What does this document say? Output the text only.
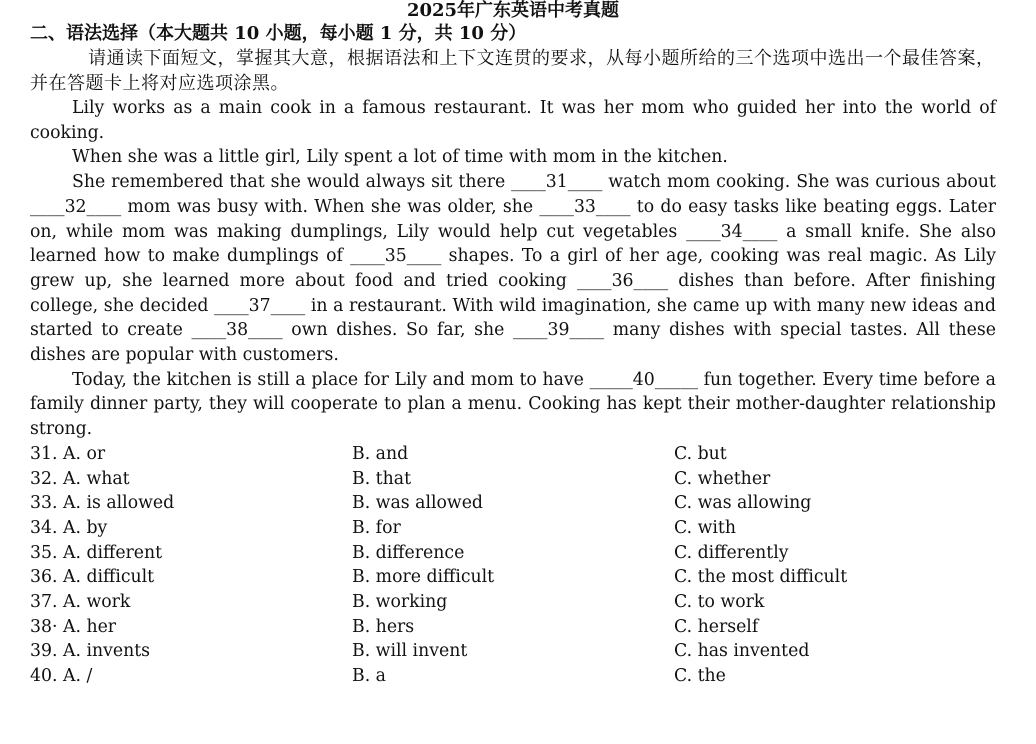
2025年广东英语中考真题
二、语法选择（本大题共 10 小题，每小题 1 分，共 10 分）

请通读下面短文，掌握其大意，根据语法和上下文连贯的要求，从每小题所给的三个选项中选出一个最佳答案，并在答题卡上将对应选项涂黑。

Lily works as a main cook in a famous restaurant. It was her mom who guided her into the world of cooking.

When she was a little girl, Lily spent a lot of time with mom in the kitchen.

She remembered that she would always sit there ____31____ watch mom cooking. She was curious about ____32____ mom was busy with. When she was older, she ____33____ to do easy tasks like beating eggs. Later on, while mom was making dumplings, Lily would help cut vegetables ____34____ a small knife. She also learned how to make dumplings of ____35____ shapes. To a girl of her age, cooking was real magic. As Lily grew up, she learned more about food and tried cooking ____36____ dishes than before. After finishing college, she decided ____37____ in a restaurant. With wild imagination, she came up with many new ideas and started to create ____38____ own dishes. So far, she ____39____ many dishes with special tastes. All these dishes are popular with customers.

Today, the kitchen is still a place for Lily and mom to have _____40_____ fun together. Every time before a family dinner party, they will cooperate to plan a menu. Cooking has kept their mother-daughter relationship strong.

31. A. or	B. and	C. but
32. A. what	B. that	C. whether
33. A. is allowed	B. was allowed	C. was allowing
34. A. by	B. for	C. with
35. A. different	B. difference	C. differently
36. A. difficult	B. more difficult	C. the most difficult
37. A. work	B. working	C. to work
38· A. her	B. hers	C. herself
39. A. invents	B. will invent	C. has invented
40. A. /	B. a	C. the
